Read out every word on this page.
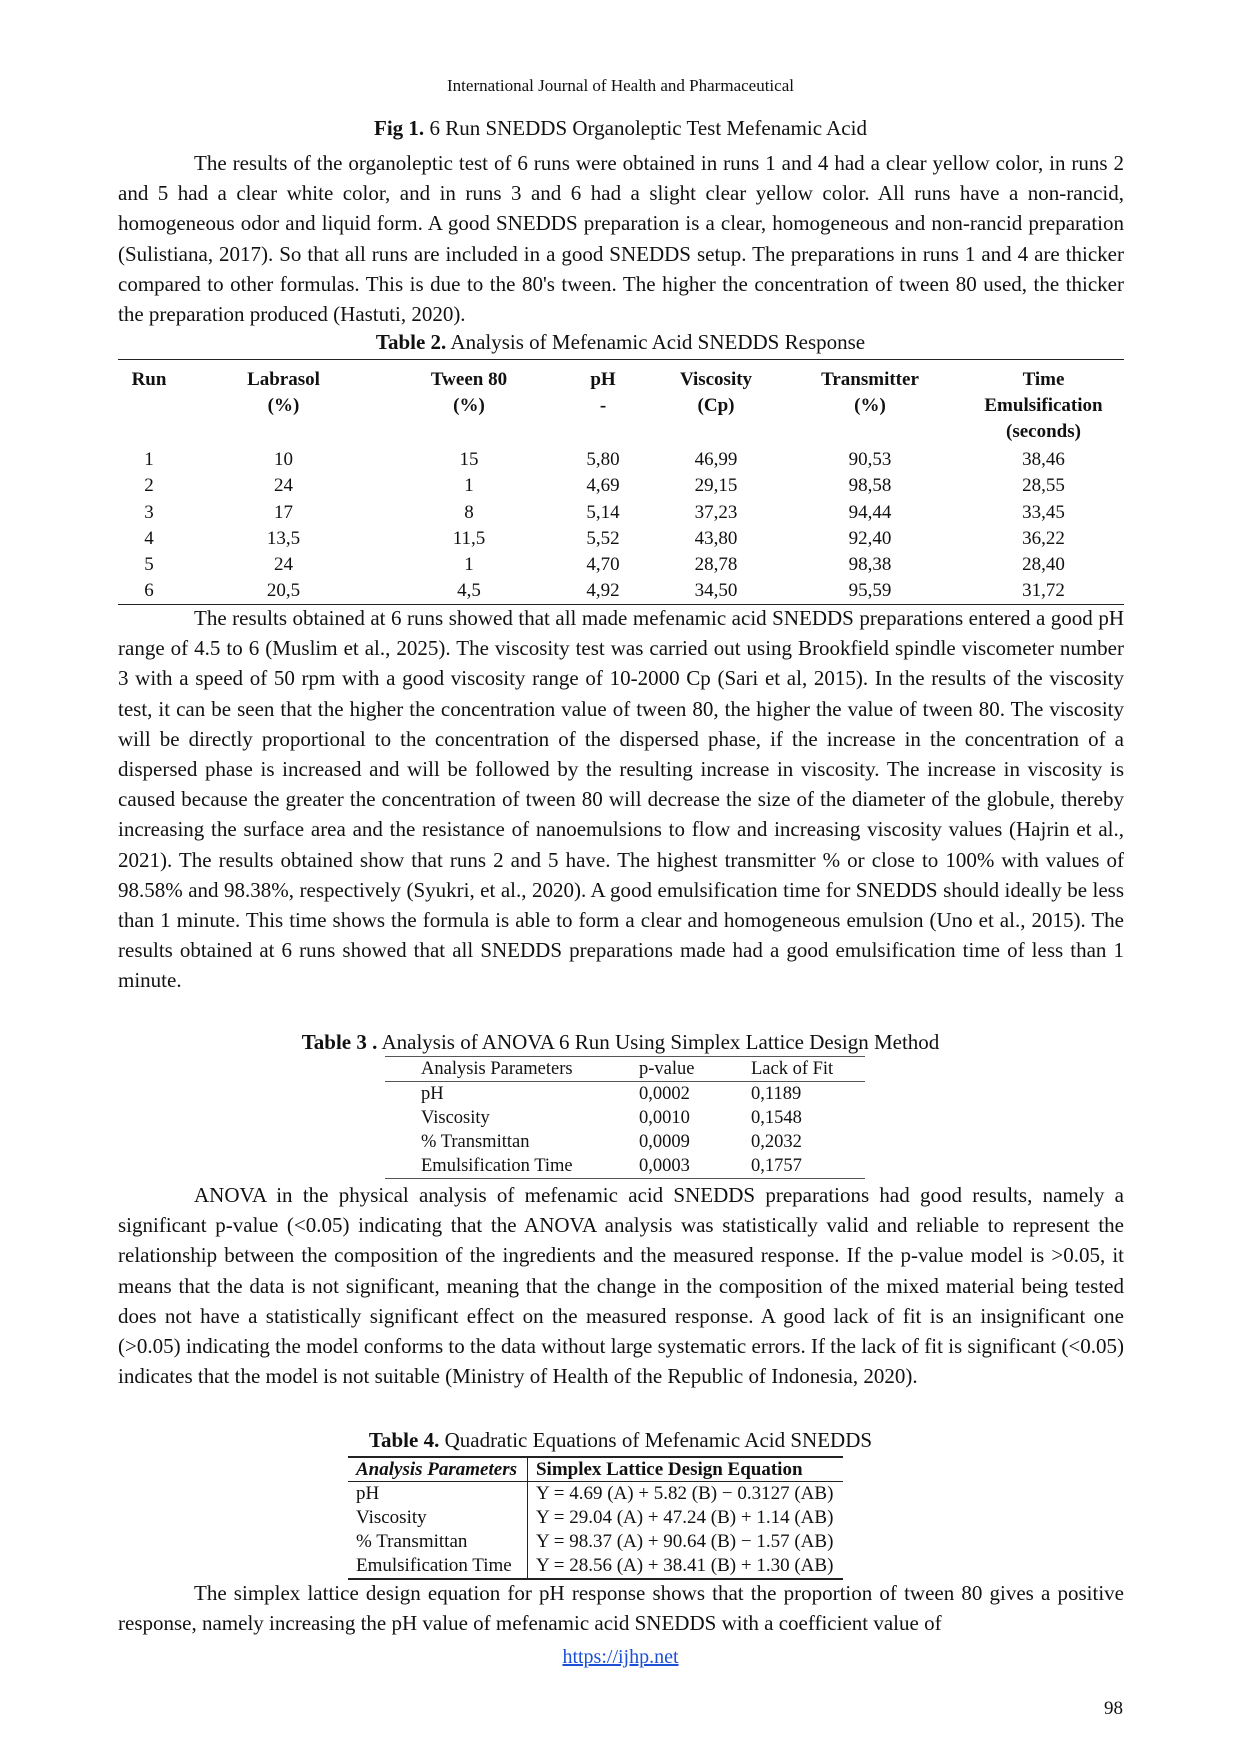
International Journal of Health and Pharmaceutical
Fig 1. 6 Run SNEDDS Organoleptic Test Mefenamic Acid

The results of the organoleptic test of 6 runs were obtained in runs 1 and 4 had a clear yellow color, in runs 2 and 5 had a clear white color, and in runs 3 and 6 had a slight clear yellow color. All runs have a non-rancid, homogeneous odor and liquid form. A good SNEDDS preparation is a clear, homogeneous and non-rancid preparation (Sulistiana, 2017). So that all runs are included in a good SNEDDS setup. The preparations in runs 1 and 4 are thicker compared to other formulas. This is due to the 80's tween. The higher the concentration of tween 80 used, the thicker the preparation produced (Hastuti, 2020).

Table 2. Analysis of Mefenamic Acid SNEDDS Response
Run	Labrasol	Tween 80	pH	Viscosity	Transmitter	Time
	(%)	(%)	-	(Cp)	(%)	Emulsification
						(seconds)
1	10	15	5,80	46,99	90,53	38,46
2	24	1	4,69	29,15	98,58	28,55
3	17	8	5,14	37,23	94,44	33,45
4	13,5	11,5	5,52	43,80	92,40	36,22
5	24	1	4,70	28,78	98,38	28,40
6	20,5	4,5	4,92	34,50	95,59	31,72

The results obtained at 6 runs showed that all made mefenamic acid SNEDDS preparations entered a good pH range of 4.5 to 6 (Muslim et al., 2025). The viscosity test was carried out using Brookfield spindle viscometer number 3 with a speed of 50 rpm with a good viscosity range of 10-2000 Cp (Sari et al, 2015). In the results of the viscosity test, it can be seen that the higher the concentration value of tween 80, the higher the value of tween 80. The viscosity will be directly proportional to the concentration of the dispersed phase, if the increase in the concentration of a dispersed phase is increased and will be followed by the resulting increase in viscosity. The increase in viscosity is caused because the greater the concentration of tween 80 will decrease the size of the diameter of the globule, thereby increasing the surface area and the resistance of nanoemulsions to flow and increasing viscosity values (Hajrin et al., 2021). The results obtained show that runs 2 and 5 have. The highest transmitter % or close to 100% with values of 98.58% and 98.38%, respectively (Syukri, et al., 2020). A good emulsification time for SNEDDS should ideally be less than 1 minute. This time shows the formula is able to form a clear and homogeneous emulsion (Uno et al., 2015). The results obtained at 6 runs showed that all SNEDDS preparations made had a good emulsification time of less than 1 minute.

Table 3 . Analysis of ANOVA 6 Run Using Simplex Lattice Design Method
Analysis Parameters	p-value	Lack of Fit
pH	0,0002	0,1189
Viscosity	0,0010	0,1548
% Transmittan	0,0009	0,2032
Emulsification Time	0,0003	0,1757

ANOVA in the physical analysis of mefenamic acid SNEDDS preparations had good results, namely a significant p-value (<0.05) indicating that the ANOVA analysis was statistically valid and reliable to represent the relationship between the composition of the ingredients and the measured response. If the p-value model is >0.05, it means that the data is not significant, meaning that the change in the composition of the mixed material being tested does not have a statistically significant effect on the measured response. A good lack of fit is an insignificant one (>0.05) indicating the model conforms to the data without large systematic errors. If the lack of fit is significant (<0.05) indicates that the model is not suitable (Ministry of Health of the Republic of Indonesia, 2020).

Table 4. Quadratic Equations of Mefenamic Acid SNEDDS
Analysis Parameters	Simplex Lattice Design Equation
pH	Y = 4.69 (A) + 5.82 (B) − 0.3127 (AB)
Viscosity	Y = 29.04 (A) + 47.24 (B) + 1.14 (AB)
% Transmittan	Y = 98.37 (A) + 90.64 (B) − 1.57 (AB)
Emulsification Time	Y = 28.56 (A) + 38.41 (B) + 1.30 (AB)

The simplex lattice design equation for pH response shows that the proportion of tween 80 gives a positive response, namely increasing the pH value of mefenamic acid SNEDDS with a coefficient value of

https://ijhp.net
98
